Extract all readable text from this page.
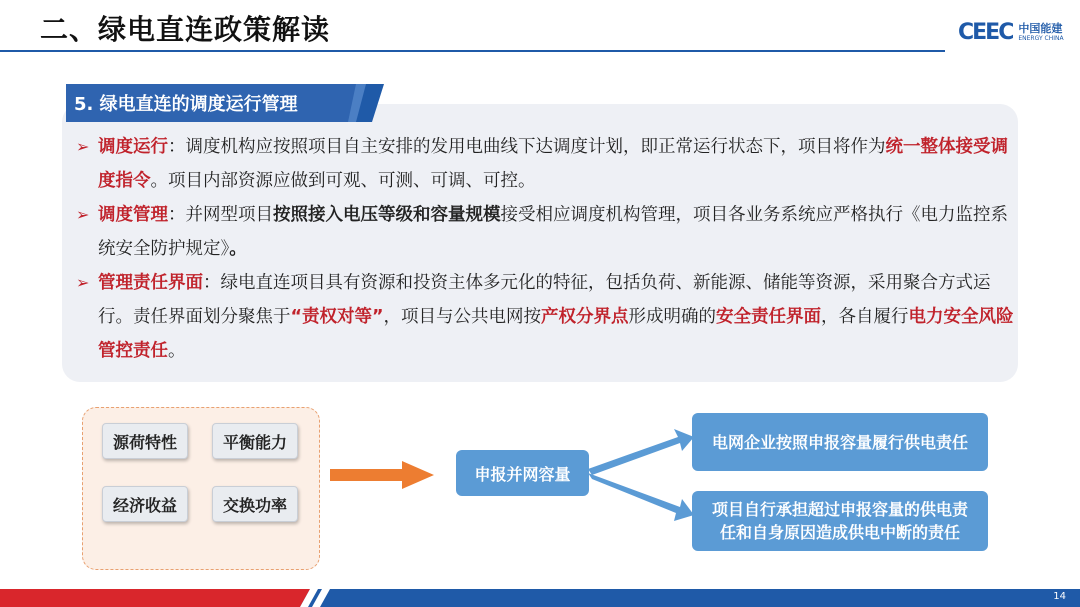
二、绿电直连政策解读	CEEC 中国能建
ENERGY CHINA
5. 绿电直连的调度运行管理
➢ 调度运行：调度机构应按照项目自主安排的发用电曲线下达调度计划，即正常运行状态下，项目将作为统一整体接受调度指令。项目内部资源应做到可观、可测、可调、可控。
➢ 调度管理：并网型项目按照接入电压等级和容量规模接受相应调度机构管理，项目各业务系统应严格执行《电力监控系统安全防护规定》。
➢ 管理责任界面：绿电直连项目具有资源和投资主体多元化的特征，包括负荷、新能源、储能等资源，采用聚合方式运行。责任界面划分聚焦于“责权对等”，项目与公共电网按产权分界点形成明确的安全责任界面，各自履行电力安全风险管控责任。
源荷特性	平衡能力
经济收益	交换功率
申报并网容量
电网企业按照申报容量履行供电责任
项目自行承担超过申报容量的供电责
任和自身原因造成供电中断的责任
14
